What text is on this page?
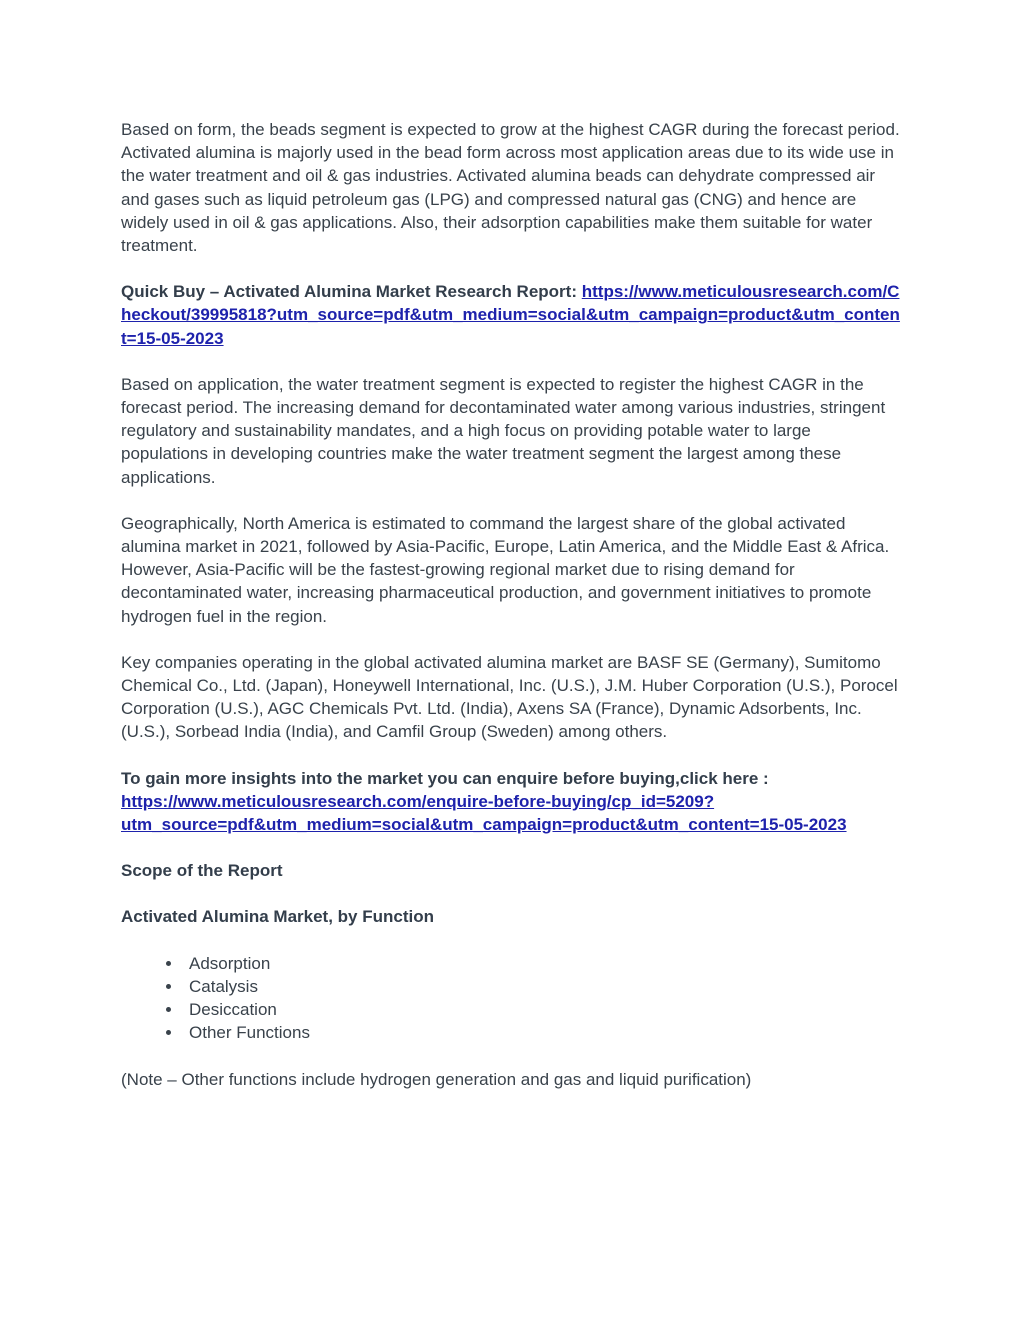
Based on form, the beads segment is expected to grow at the highest CAGR during the forecast period. Activated alumina is majorly used in the bead form across most application areas due to its wide use in the water treatment and oil & gas industries. Activated alumina beads can dehydrate compressed air and gases such as liquid petroleum gas (LPG) and compressed natural gas (CNG) and hence are widely used in oil & gas applications. Also, their adsorption capabilities make them suitable for water treatment.

Quick Buy – Activated Alumina Market Research Report: https://www.meticulousresearch.com/Checkout/39995818?utm_source=pdf&utm_medium=social&utm_campaign=product&utm_content=15-05-2023

Based on application, the water treatment segment is expected to register the highest CAGR in the forecast period. The increasing demand for decontaminated water among various industries, stringent regulatory and sustainability mandates, and a high focus on providing potable water to large populations in developing countries make the water treatment segment the largest among these applications.

Geographically, North America is estimated to command the largest share of the global activated alumina market in 2021, followed by Asia-Pacific, Europe, Latin America, and the Middle East & Africa. However, Asia-Pacific will be the fastest-growing regional market due to rising demand for decontaminated water, increasing pharmaceutical production, and government initiatives to promote hydrogen fuel in the region.

Key companies operating in the global activated alumina market are BASF SE (Germany), Sumitomo Chemical Co., Ltd. (Japan), Honeywell International, Inc. (U.S.), J.M. Huber Corporation (U.S.), Porocel Corporation (U.S.), AGC Chemicals Pvt. Ltd. (India), Axens SA (France), Dynamic Adsorbents, Inc. (U.S.), Sorbead India (India), and Camfil Group (Sweden) among others.

To gain more insights into the market you can enquire before buying,click here :
https://www.meticulousresearch.com/enquire-before-buying/cp_id=5209?utm_source=pdf&utm_medium=social&utm_campaign=product&utm_content=15-05-2023

Scope of the Report

Activated Alumina Market, by Function

• Adsorption
• Catalysis
• Desiccation
• Other Functions

(Note – Other functions include hydrogen generation and gas and liquid purification)
